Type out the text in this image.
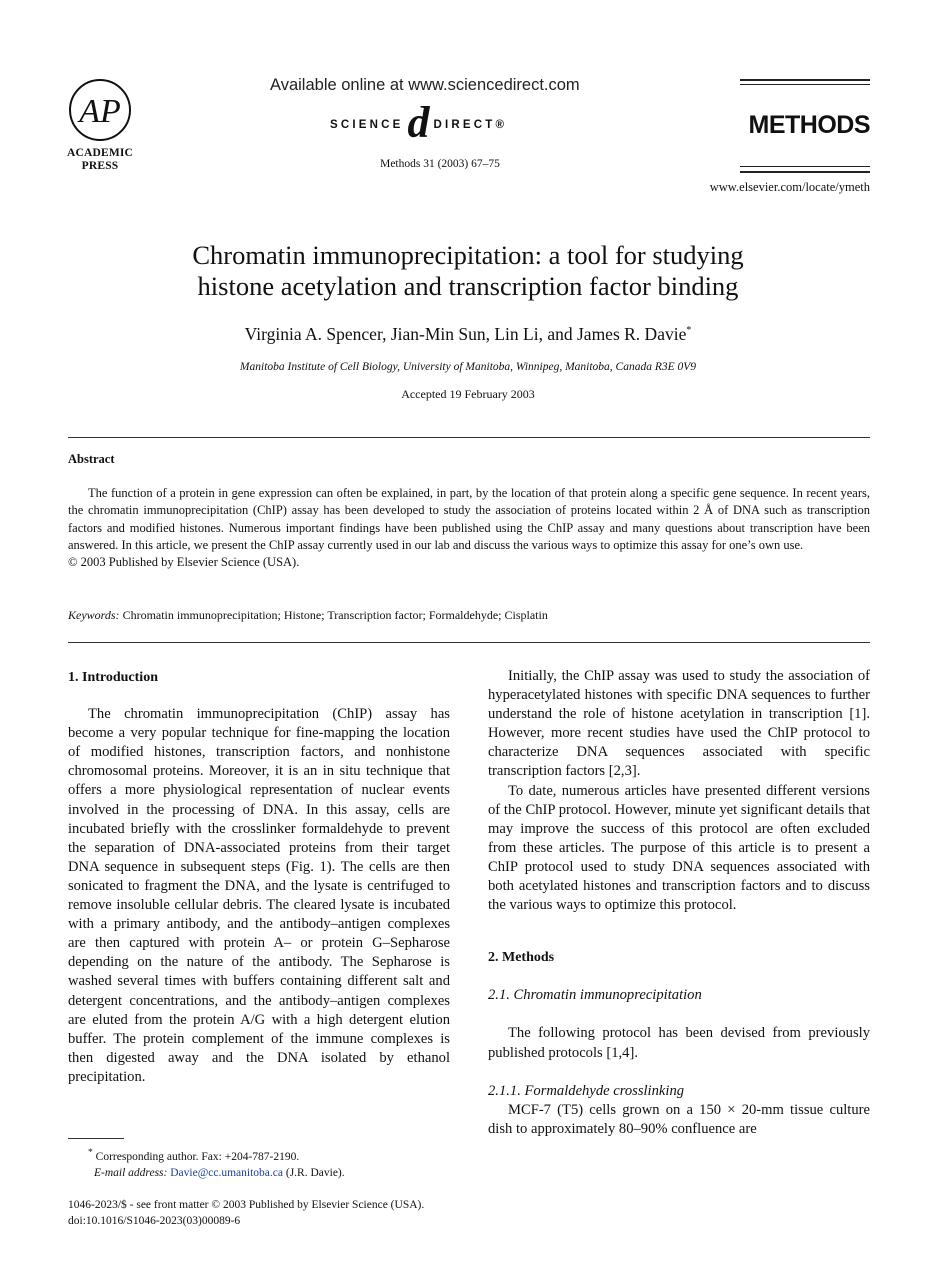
AP
ACADEMIC
PRESS
Available online at www.sciencedirect.com
SCIENCE d DIRECT®
Methods 31 (2003) 67–75
METHODS
www.elsevier.com/locate/ymeth
Chromatin immunoprecipitation: a tool for studying
histone acetylation and transcription factor binding
Virginia A. Spencer, Jian-Min Sun, Lin Li, and James R. Davie*
Manitoba Institute of Cell Biology, University of Manitoba, Winnipeg, Manitoba, Canada R3E 0V9
Accepted 19 February 2003
Abstract

The function of a protein in gene expression can often be explained, in part, by the location of that protein along a specific gene sequence. In recent years, the chromatin immunoprecipitation (ChIP) assay has been developed to study the association of proteins located within 2 Å of DNA such as transcription factors and modified histones. Numerous important findings have been published using the ChIP assay and many questions about transcription have been answered. In this article, we present the ChIP assay currently used in our lab and discuss the various ways to optimize this assay for one’s own use.

© 2003 Published by Elsevier Science (USA).

Keywords: Chromatin immunoprecipitation; Histone; Transcription factor; Formaldehyde; Cisplatin
1. Introduction

The chromatin immunoprecipitation (ChIP) assay has become a very popular technique for fine-mapping the location of modified histones, transcription factors, and nonhistone chromosomal proteins. Moreover, it is an in situ technique that offers a more physiological representation of nuclear events involved in the processing of DNA. In this assay, cells are incubated briefly with the crosslinker formaldehyde to prevent the separation of DNA-associated proteins from their target DNA sequence in subsequent steps (Fig. 1). The cells are then sonicated to fragment the DNA, and the lysate is centrifuged to remove insoluble cellular debris. The cleared lysate is incubated with a primary antibody, and the antibody–antigen complexes are then captured with protein A– or protein G–Sepharose depending on the nature of the antibody. The Sepharose is washed several times with buffers containing different salt and detergent concentrations, and the antibody–antigen complexes are eluted from the protein A/G with a high detergent elution buffer. The protein complement of the immune complexes is then digested away and the DNA isolated by ethanol precipitation.

* Corresponding author. Fax: +204-787-2190.
E-mail address: Davie@cc.umanitoba.ca (J.R. Davie).

Initially, the ChIP assay was used to study the association of hyperacetylated histones with specific DNA sequences to further understand the role of histone acetylation in transcription [1]. However, more recent studies have used the ChIP protocol to characterize DNA sequences associated with specific transcription factors [2,3].

To date, numerous articles have presented different versions of the ChIP protocol. However, minute yet significant details that may improve the success of this protocol are often excluded from these articles. The purpose of this article is to present a ChIP protocol used to study DNA sequences associated with both acetylated histones and transcription factors and to discuss the various ways to optimize this protocol.

2. Methods
2.1. Chromatin immunoprecipitation

The following protocol has been devised from previously published protocols [1,4].

2.1.1. Formaldehyde crosslinking

MCF-7 (T5) cells grown on a 150 × 20-mm tissue culture dish to approximately 80–90% confluence are

1046-2023/$ - see front matter © 2003 Published by Elsevier Science (USA).
doi:10.1016/S1046-2023(03)00089-6
